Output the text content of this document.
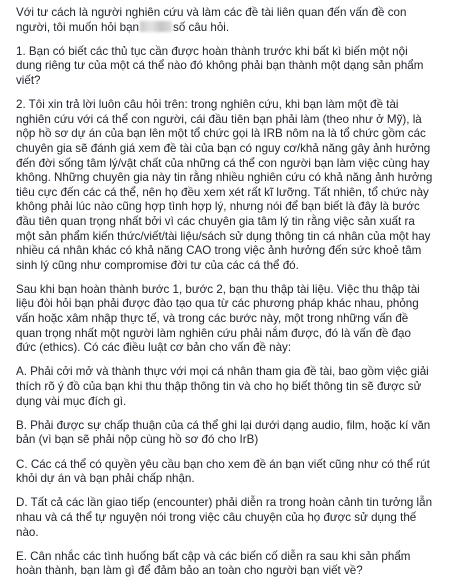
Với tư cách là người nghiên cứu và làm các đề tài liên quan đến vấn đề con người, tôi muốn hỏi bạn	số câu hỏi.

1. Bạn có biết các thủ tục cần được hoàn thành trước khi bất kì biến một nội dung riêng tư của một cá thể nào đó không phải bạn thành một dạng sản phẩm viết?

2. Tôi xin trả lời luôn câu hỏi trên: trong nghiên cứu, khi bạn làm một đề tài nghiên cứu với cá thể con người, cái đầu tiên bạn phải làm (theo như ở Mỹ), là nộp hồ sơ dự án của bạn lên một tổ chức gọi là IRB nôm na là tổ chức gồm các chuyên gia sẽ đánh giá xem đề tài của bạn có nguy cơ/khả năng gây ảnh hưởng đến đời sống tâm lý/vật chất của những cá thể con người bạn làm việc cùng hay không. Những chuyên gia này tin rằng nhiều nghiên cứu có khả năng ảnh hưởng tiêu cực đến các cá thể, nên họ đều xem xét rất kĩ lưỡng. Tất nhiên, tổ chức này không phải lúc nào cũng hợp tình hợp lý, nhưng nói để bạn biết là đây là bước đầu tiên quan trọng nhất bởi vì các chuyên gia tâm lý tin rằng việc sản xuất ra một sản phẩm kiến thức/viết/tài liệu/sách sử dụng thông tin cá nhân của một hay nhiều cá nhân khác có khả năng CAO trong việc ảnh hưởng đến sức khoẻ tâm sinh lý cũng như compromise đời tư của các cá thể đó.

Sau khi bạn hoàn thành bước 1, bước 2, bạn thu thập tài liệu. Việc thu thập tài liệu đòi hỏi bạn phải được đào tạo qua từ các phương pháp khác nhau, phỏng vấn hoặc xâm nhập thực tế, và trong các bước này, một trong những vấn đề quan trọng nhất một người làm nghiên cứu phải nắm được, đó là vấn đề đạo đức (ethics). Có các điều luật cơ bản cho vấn đề này:

A. Phải cởi mở và thành thực với mọi cá nhân tham gia đề tài, bao gồm việc giải thích rõ ý đồ của bạn khi thu thập thông tin và cho họ biết thông tin sẽ được sử dụng vài mục đích gì.

B. Phải được sự chấp thuận của cá thể ghi lại dưới dạng audio, film, hoặc kí văn bản (vì bạn sẽ phải nộp cùng hồ sơ đó cho IrB)

C. Các cá thể có quyền yêu cầu bạn cho xem đề án bạn viết cũng như có thể rút khỏi dự án và bạn phải chấp nhận.

D. Tất cả các lần giao tiếp (encounter) phải diễn ra trong hoàn cảnh tin tưởng lẫn nhau và cá thể tự nguyện nói trong việc câu chuyện của họ được sử dụng thế nào.

E. Cân nhắc các tình huống bất cập và các biến cố diễn ra sau khi sản phẩm hoàn thành, bạn làm gì để đảm bảo an toàn cho người bạn viết về?
